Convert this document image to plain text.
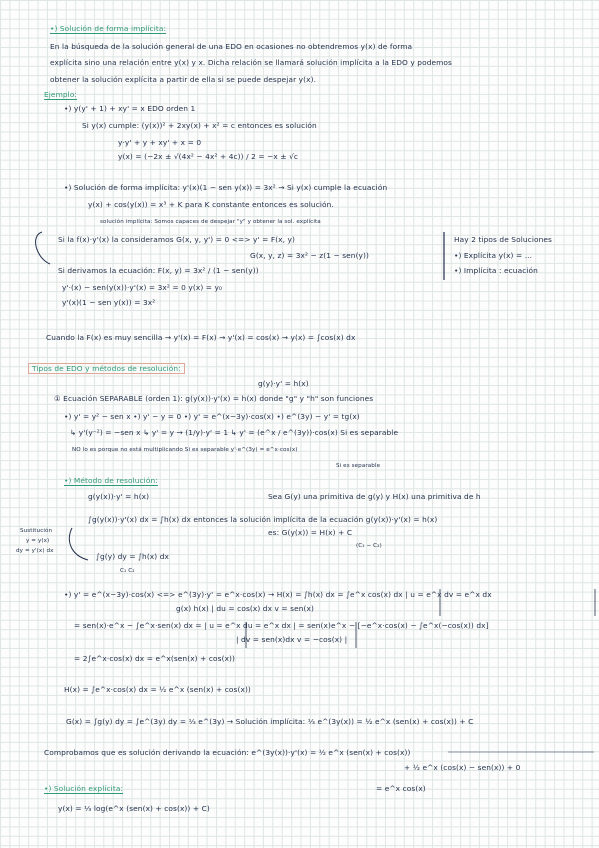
•) Solución de forma implícita:
En la búsqueda de la solución general de una EDO en ocasiones no obtendremos y(x) de forma
explícita sino una relación entre y(x) y x. Dicha relación se llamará solución implícita a la EDO y podemos
obtener la solución explícita a partir de ella si se puede despejar y(x).
Ejemplo:
•) y(y' + 1) + xy' = x EDO orden 1
Si y(x) cumple: (y(x))² + 2xy(x) + x² = c entonces es solución
y·y' + y + xy' + x = 0
y(x) = (−2x ± √(4x² − 4x² + 4c)) / 2 = −x ± √c
•) Solución de forma implícita: y'(x)(1 − sen y(x)) = 3x² → Si y(x) cumple la ecuación
y(x) + cos(y(x)) = x³ + K para K constante entonces es solución.
solución implícita: Somos capaces de despejar "y" y obtener la sol. explícita
Si la f(x)·y'(x) la consideramos G(x, y, y') = 0 <=> y' = F(x, y)
G(x, y, z) = 3x² − z(1 − sen(y))
Si derivamos la ecuación: F(x, y) = 3x² / (1 − sen(y))
y'·(x) − sen(y(x))·y'(x) = 3x² = 0 y(x) = y₀
y'(x)(1 − sen y(x)) = 3x²
Hay 2 tipos de Soluciones
•) Explícita y(x) = ...
•) Implícita : ecuación
Cuando la F(x) es muy sencilla → y'(x) = F(x) → y'(x) = cos(x) → y(x) = ∫cos(x) dx
Tipos de EDO y métodos de resolución:
g(y)·y' = h(x)
① Ecuación SEPARABLE (orden 1): g(y(x))·y'(x) = h(x) donde "g" y "h" son funciones
•) y' = y² − sen x •) y' − y = 0 •) y' = e^(x−3y)·cos(x) •) e^(3y) − y' = tg(x)
↳ y'(y⁻²) = −sen x ↳ y' = y → (1/y)·y' = 1 ↳ y' = (e^x / e^(3y))·cos(x) Si es separable
NO lo es porque no está multiplicando Si es separable y'·e^(3y) = e^x·cos(x)
Si es separable
•) Método de resolución:
g(y(x))·y' = h(x)	Sea G(y) una primitiva de g(y) y H(x) una primitiva de h
Sustitución
y = y(x)
dy = y'(x) dx
∫g(y(x))·y'(x) dx = ∫h(x) dx entonces la solución implícita de la ecuación g(y(x))·y'(x) = h(x)
es: G(y(x)) = H(x) + C
(C₁ − C₂)
∫g(y) dy = ∫h(x) dx
C₁ C₂
•) y' = e^(x−3y)·cos(x) <=> e^(3y)·y' = e^x·cos(x) → H(x) = ∫h(x) dx = ∫e^x cos(x) dx | u = e^x dv = e^x dx
g(x) h(x) | du = cos(x) dx v = sen(x)
= sen(x)·e^x − ∫e^x·sen(x) dx = | u = e^x du = e^x dx | = sen(x)e^x − [−e^x·cos(x) − ∫e^x(−cos(x)) dx]
| dv = sen(x)dx v = −cos(x) |
= 2∫e^x·cos(x) dx = e^x(sen(x) + cos(x))
H(x) = ∫e^x·cos(x) dx = ½ e^x (sen(x) + cos(x))
G(x) = ∫g(y) dy = ∫e^(3y) dy = ⅓ e^(3y) → Solución implícita: ⅓ e^(3y(x)) = ½ e^x (sen(x) + cos(x)) + C
Comprobamos que es solución derivando la ecuación: e^(3y(x))·y'(x) = ½ e^x (sen(x) + cos(x))
+ ½ e^x (cos(x) − sen(x)) + 0
= e^x cos(x)
•) Solución explícita:
y(x) = ⅓ log(e^x (sen(x) + cos(x)) + C)
